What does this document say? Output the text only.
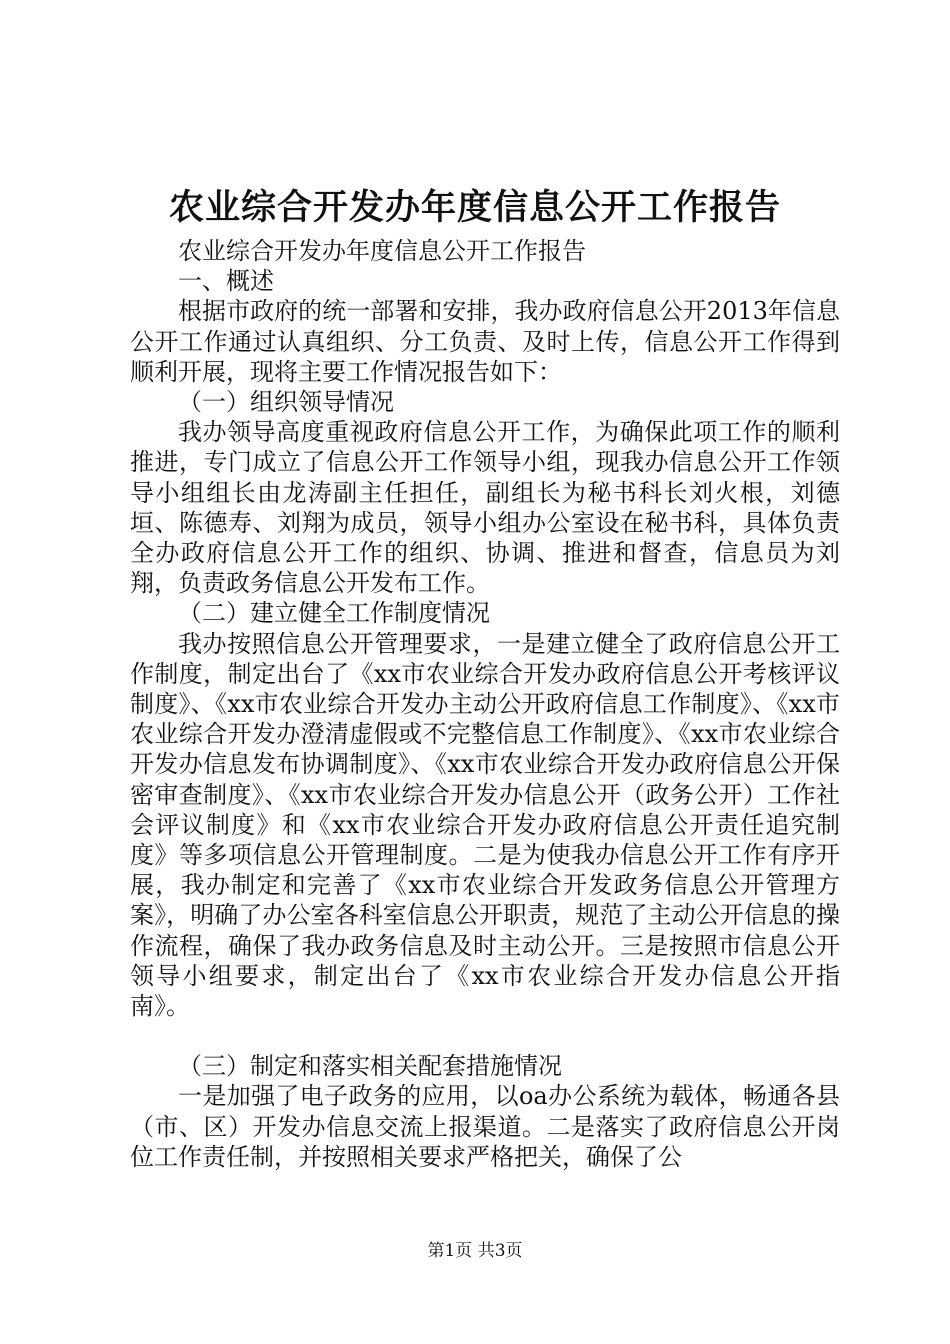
农业综合开发办年度信息公开工作报告

农业综合开发办年度信息公开工作报告

一、概述

根据市政府的统一部署和安排，我办政府信息公开2013年信息公开工作通过认真组织、分工负责、及时上传，信息公开工作得到顺利开展，现将主要工作情况报告如下：

（一）组织领导情况

我办领导高度重视政府信息公开工作，为确保此项工作的顺利推进，专门成立了信息公开工作领导小组，现我办信息公开工作领导小组组长由龙涛副主任担任，副组长为秘书科长刘火根，刘德垣、陈德寿、刘翔为成员，领导小组办公室设在秘书科，具体负责全办政府信息公开工作的组织、协调、推进和督查，信息员为刘翔，负责政务信息公开发布工作。

（二）建立健全工作制度情况

我办按照信息公开管理要求，一是建立健全了政府信息公开工作制度，制定出台了《xx市农业综合开发办政府信息公开考核评议制度》、《xx市农业综合开发办主动公开政府信息工作制度》、《xx市农业综合开发办澄清虚假或不完整信息工作制度》、《xx市农业综合开发办信息发布协调制度》、《xx市农业综合开发办政府信息公开保密审查制度》、《xx市农业综合开发办信息公开（政务公开）工作社会评议制度》和《xx市农业综合开发办政府信息公开责任追究制度》等多项信息公开管理制度。二是为使我办信息公开工作有序开展，我办制定和完善了《xx市农业综合开发政务信息公开管理方案》，明确了办公室各科室信息公开职责，规范了主动公开信息的操作流程，确保了我办政务信息及时主动公开。三是按照市信息公开领导小组要求，制定出台了《xx市农业综合开发办信息公开指南》。

（三）制定和落实相关配套措施情况

一是加强了电子政务的应用，以oa办公系统为载体，畅通各县（市、区）开发办信息交流上报渠道。二是落实了政府信息公开岗位工作责任制，并按照相关要求严格把关，确保了公

第1页 共3页
